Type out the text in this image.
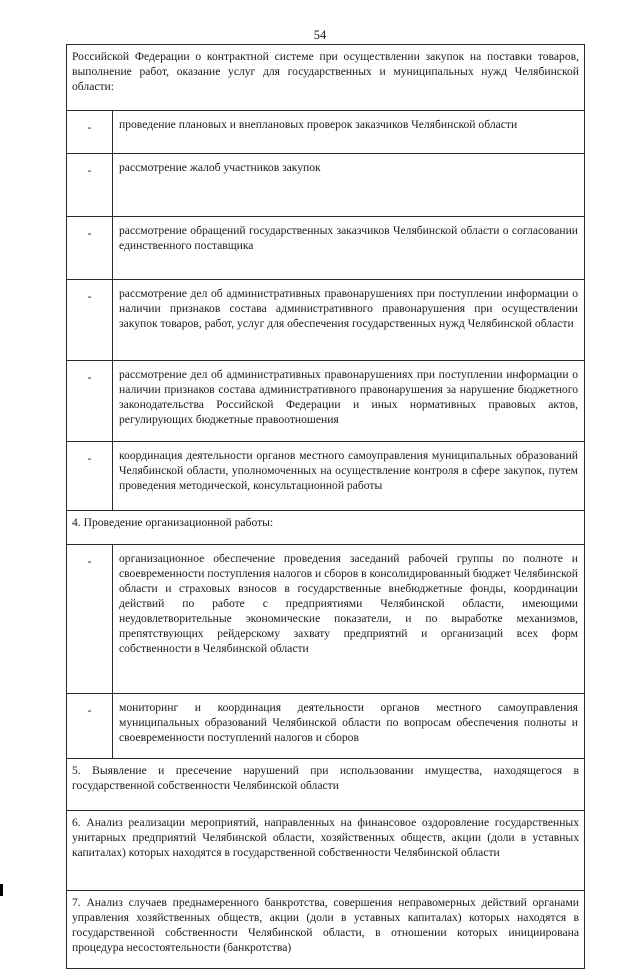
54
Российской Федерации о контрактной системе при осуществлении закупок на поставки товаров, выполнение работ, оказание услуг для государственных и муниципальных нужд Челябинской области:	
-	проведение плановых и внеплановых проверок заказчиков Челябинской области
-	рассмотрение жалоб участников закупок
-	рассмотрение обращений государственных заказчиков Челябинской области о согласовании единственного поставщика
-	рассмотрение дел об административных правонарушениях при поступлении информации о наличии признаков состава административного правонарушения при осуществлении закупок товаров, работ, услуг для обеспечения государственных нужд Челябинской области
-	рассмотрение дел об административных правонарушениях при поступлении информации о наличии признаков состава административного правонарушения за нарушение бюджетного законодательства Российской Федерации и иных нормативных правовых актов, регулирующих бюджетные правоотношения
-	координация деятельности органов местного самоуправления муниципальных образований Челябинской области, уполномоченных на осуществление контроля в сфере закупок, путем проведения методической, консультационной работы
4. Проведение организационной работы:	
-	организационное обеспечение проведения заседаний рабочей группы по полноте и своевременности поступления налогов и сборов в консолидированный бюджет Челябинской области и страховых взносов в государственные внебюджетные фонды, координации действий по работе с предприятиями Челябинской области, имеющими неудовлетворительные экономические показатели, и по выработке механизмов, препятствующих рейдерскому захвату предприятий и организаций всех форм собственности в Челябинской области
-	мониторинг и координация деятельности органов местного самоуправления муниципальных образований Челябинской области по вопросам обеспечения полноты и своевременности поступлений налогов и сборов
5. Выявление и пресечение нарушений при использовании имущества, находящегося в государственной собственности Челябинской области	
6. Анализ реализации мероприятий, направленных на финансовое оздоровление государственных унитарных предприятий Челябинской области, хозяйственных обществ, акции (доли в уставных капиталах) которых находятся в государственной собственности Челябинской области	
7. Анализ случаев преднамеренного банкротства, совершения неправомерных действий органами управления хозяйственных обществ, акции (доли в уставных капиталах) которых находятся в государственной собственности Челябинской области, в отношении которых инициирована процедура несостоятельности (банкротства)	
